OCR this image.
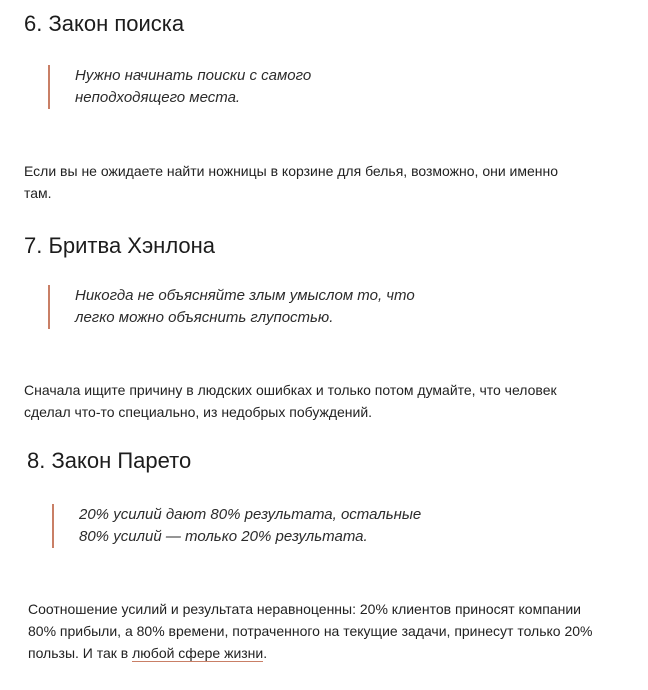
6. Закон поиска

Нужно начинать поиски с самого

неподходящего места.

Если вы не ожидаете найти ножницы в корзине для белья, возможно, они именно
там.
7. Бритва Хэнлона

Никогда не объясняйте злым умыслом то, что

легко можно объяснить глупостью.

Сначала ищите причину в людских ошибках и только потом думайте, что человек
сделал что-то специально, из недобрых побуждений.
8. Закон Парето

20% усилий дают 80% результата, остальные

80% усилий — только 20% результата.

Соотношение усилий и результата неравноценны: 20% клиентов приносят компании
80% прибыли, а 80% времени, потраченного на текущие задачи, принесут только 20%
пользы. И так в любой сфере жизни.
